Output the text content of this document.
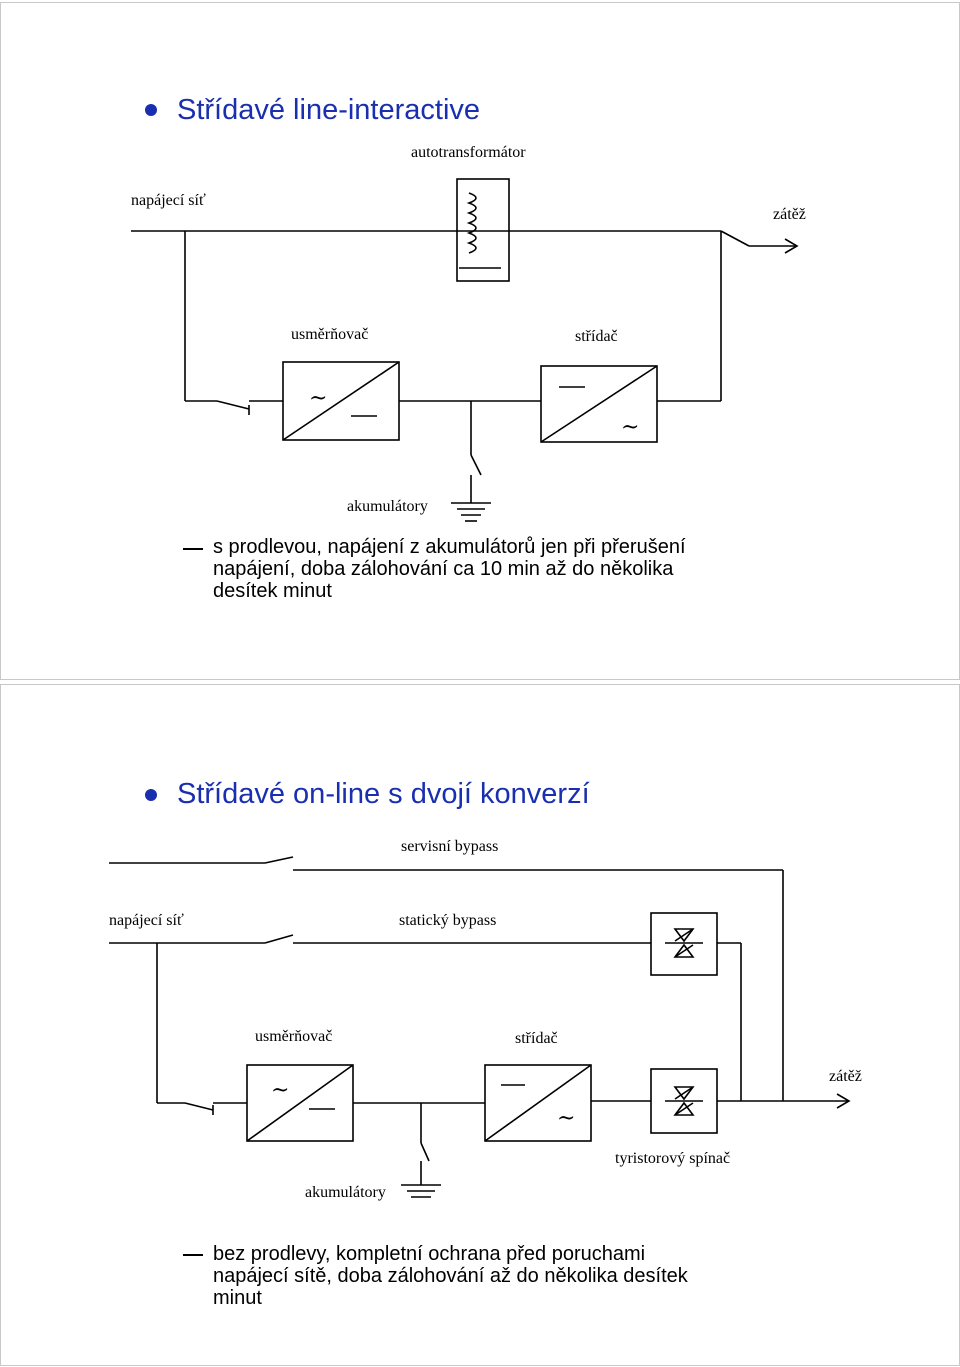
Střídavé line-interactive
autotransformátor
napájecí síť
zátěž
usměrňovač	střídač
akumulátory
~
~
s prodlevou, napájení z akumulátorů jen při přerušení
napájení, doba zálohování ca 10 min až do několika
desítek minut
Střídavé on-line s dvojí konverzí
servisní bypass
napájecí síť	statický bypass
usměrňovač	střídač
zátěž
tyristorový spínač
akumulátory
~
~
bez prodlevy, kompletní ochrana před poruchami
napájecí sítě, doba zálohování až do několika desítek
minut
